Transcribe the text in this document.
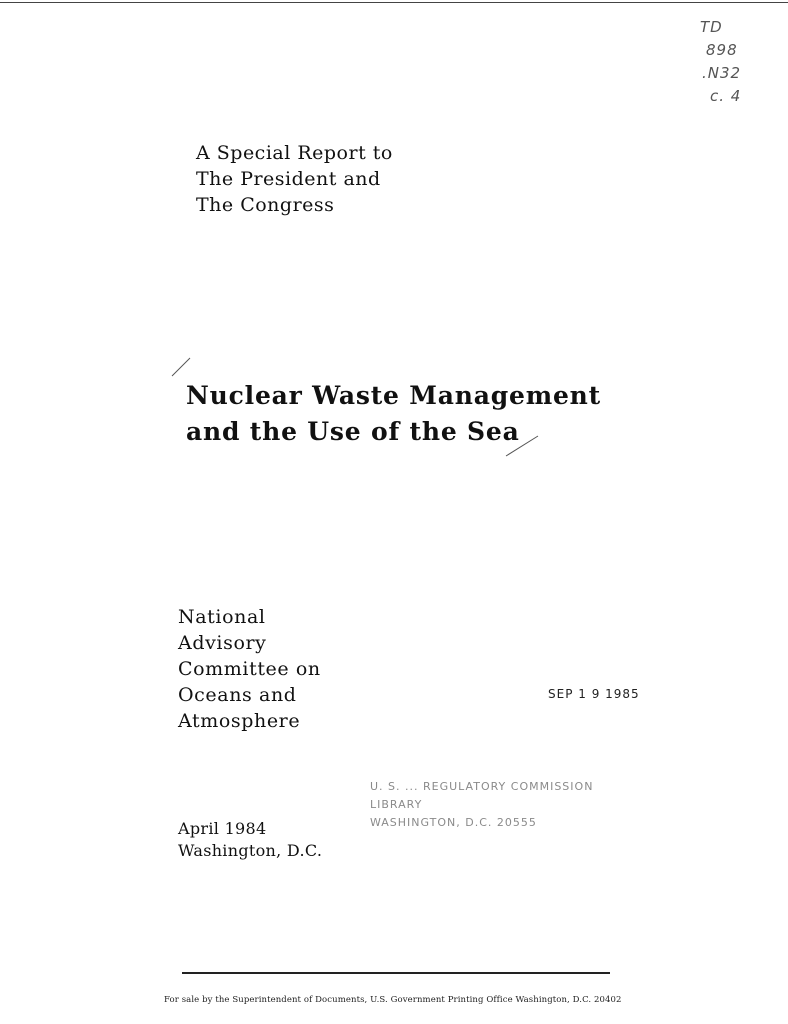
TD
898
.N32
c. 4
A Special Report to
The President and
The Congress
Nuclear Waste Management
and the Use of the Sea
National
Advisory
Committee on
Oceans and
Atmosphere
SEP 1 9 1985
U. S. ... REGULATORY COMMISSION
LIBRARY
WASHINGTON, D.C. 20555
April 1984
Washington, D.C.
For sale by the Superintendent of Documents, U.S. Government Printing Office Washington, D.C. 20402
